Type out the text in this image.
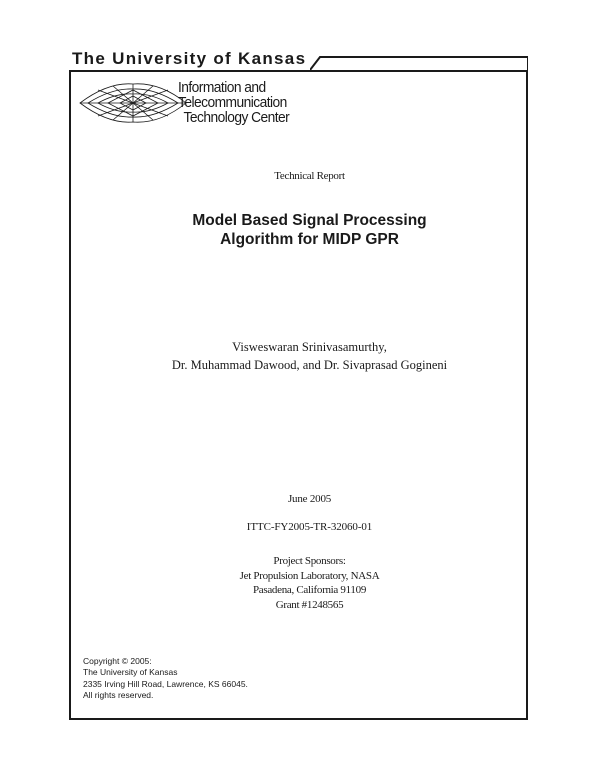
The University of Kansas
Information and
Telecommunication
Technology Center
Technical Report
Model Based Signal Processing
Algorithm for MIDP GPR
Visweswaran Srinivasamurthy,
Dr. Muhammad Dawood, and Dr. Sivaprasad Gogineni
June 2005
ITTC-FY2005-TR-32060-01
Project Sponsors:
Jet Propulsion Laboratory, NASA
Pasadena, California 91109
Grant #1248565
Copyright © 2005:
The University of Kansas
2335 Irving Hill Road, Lawrence, KS 66045.
All rights reserved.
